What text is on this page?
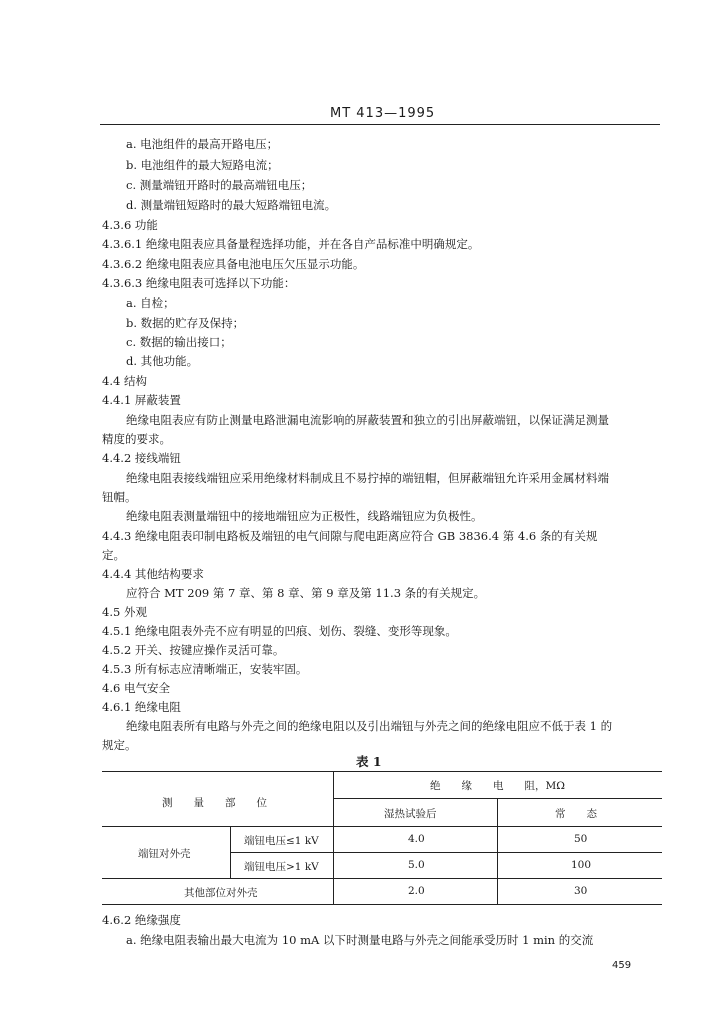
MT 413—1995
a. 电池组件的最高开路电压；
b. 电池组件的最大短路电流；
c. 测量端钮开路时的最高端钮电压；
d. 测量端钮短路时的最大短路端钮电流。
4.3.6 功能
4.3.6.1 绝缘电阻表应具备量程选择功能，并在各自产品标准中明确规定。
4.3.6.2 绝缘电阻表应具备电池电压欠压显示功能。
4.3.6.3 绝缘电阻表可选择以下功能：
a. 自检；
b. 数据的贮存及保持；
c. 数据的输出接口；
d. 其他功能。
4.4 结构
4.4.1 屏蔽装置
绝缘电阻表应有防止测量电路泄漏电流影响的屏蔽装置和独立的引出屏蔽端钮，以保证满足测量
精度的要求。
4.4.2 接线端钮
绝缘电阻表接线端钮应采用绝缘材料制成且不易拧掉的端钮帽，但屏蔽端钮允许采用金属材料端
钮帽。
绝缘电阻表测量端钮中的接地端钮应为正极性，线路端钮应为负极性。
4.4.3 绝缘电阻表印制电路板及端钮的电气间隙与爬电距离应符合 GB 3836.4 第 4.6 条的有关规
定。
4.4.4 其他结构要求
应符合 MT 209 第 7 章、第 8 章、第 9 章及第 11.3 条的有关规定。
4.5 外观
4.5.1 绝缘电阻表外壳不应有明显的凹痕、划伤、裂缝、变形等现象。
4.5.2 开关、按键应操作灵活可靠。
4.5.3 所有标志应清晰端正，安装牢固。
4.6 电气安全
4.6.1 绝缘电阻
绝缘电阻表所有电路与外壳之间的绝缘电阻以及引出端钮与外壳之间的绝缘电阻应不低于表 1 的
规定。
表 1
测　　量　　部　　位
绝　　缘　　电　　阻，MΩ
湿热试验后	常　　态
端钮对外壳
端钮电压≤1 kV	4.0	50
端钮电压>1 kV	5.0	100
其他部位对外壳	2.0	30
4.6.2 绝缘强度
a. 绝缘电阻表输出最大电流为 10 mA 以下时测量电路与外壳之间能承受历时 1 min 的交流
459
